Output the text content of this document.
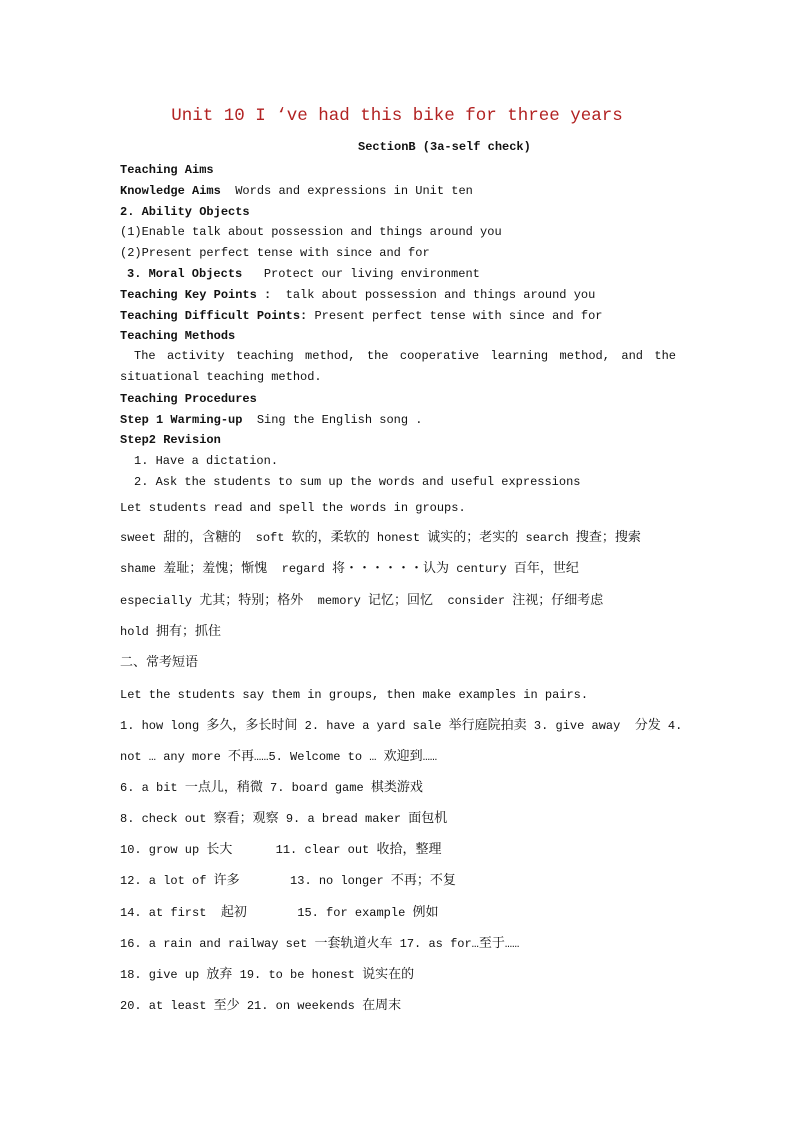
Unit 10 I ‘ve had this bike for three years
SectionB (3a-self check)
Teaching Aims
Knowledge Aims Words and expressions in Unit ten
2. Ability Objects
(1)Enable talk about possession and things around you
(2)Present perfect tense with since and for
3. Moral Objects Protect our living environment
Teaching Key Points : talk about possession and things around you
Teaching Difficult Points: Present perfect tense with since and for
Teaching Methods
The activity teaching method, the cooperative learning method, and the situational teaching method.
Teaching Procedures
Step 1 Warming-up Sing the English song .
Step2 Revision
1. Have a dictation.
2. Ask the students to sum up the words and useful expressions
Let students read and spell the words in groups.
sweet 甜的，含糖的  soft 软的，柔软的 honest 诚实的；老实的 search 搜查；搜索
shame 羞耻；羞愧；惭愧  regard 将・・・・・・认为 century 百年，世纪
especially 尤其；特别；格外  memory 记忆；回忆  consider 注视；仔细考虑
hold 拥有；抓住
二、常考短语
Let the students say them in groups, then make examples in pairs.
1. how long 多久，多长时间 2. have a yard sale 举行庭院拍卖 3. give away  分发 4.
not … any more 不再……5. Welcome to … 欢迎到……
6. a bit 一点儿，稍微 7. board game 棋类游戏
8. check out 察看；观察 9. a bread maker 面包机
10. grow up 长大      11. clear out 收拾，整理
12. a lot of 许多       13. no longer 不再；不复
14. at first  起初       15. for example 例如
16. a rain and railway set 一套轨道火车 17. as for…至于……
18. give up 放弃 19. to be honest 说实在的
20. at least 至少 21. on weekends 在周末
